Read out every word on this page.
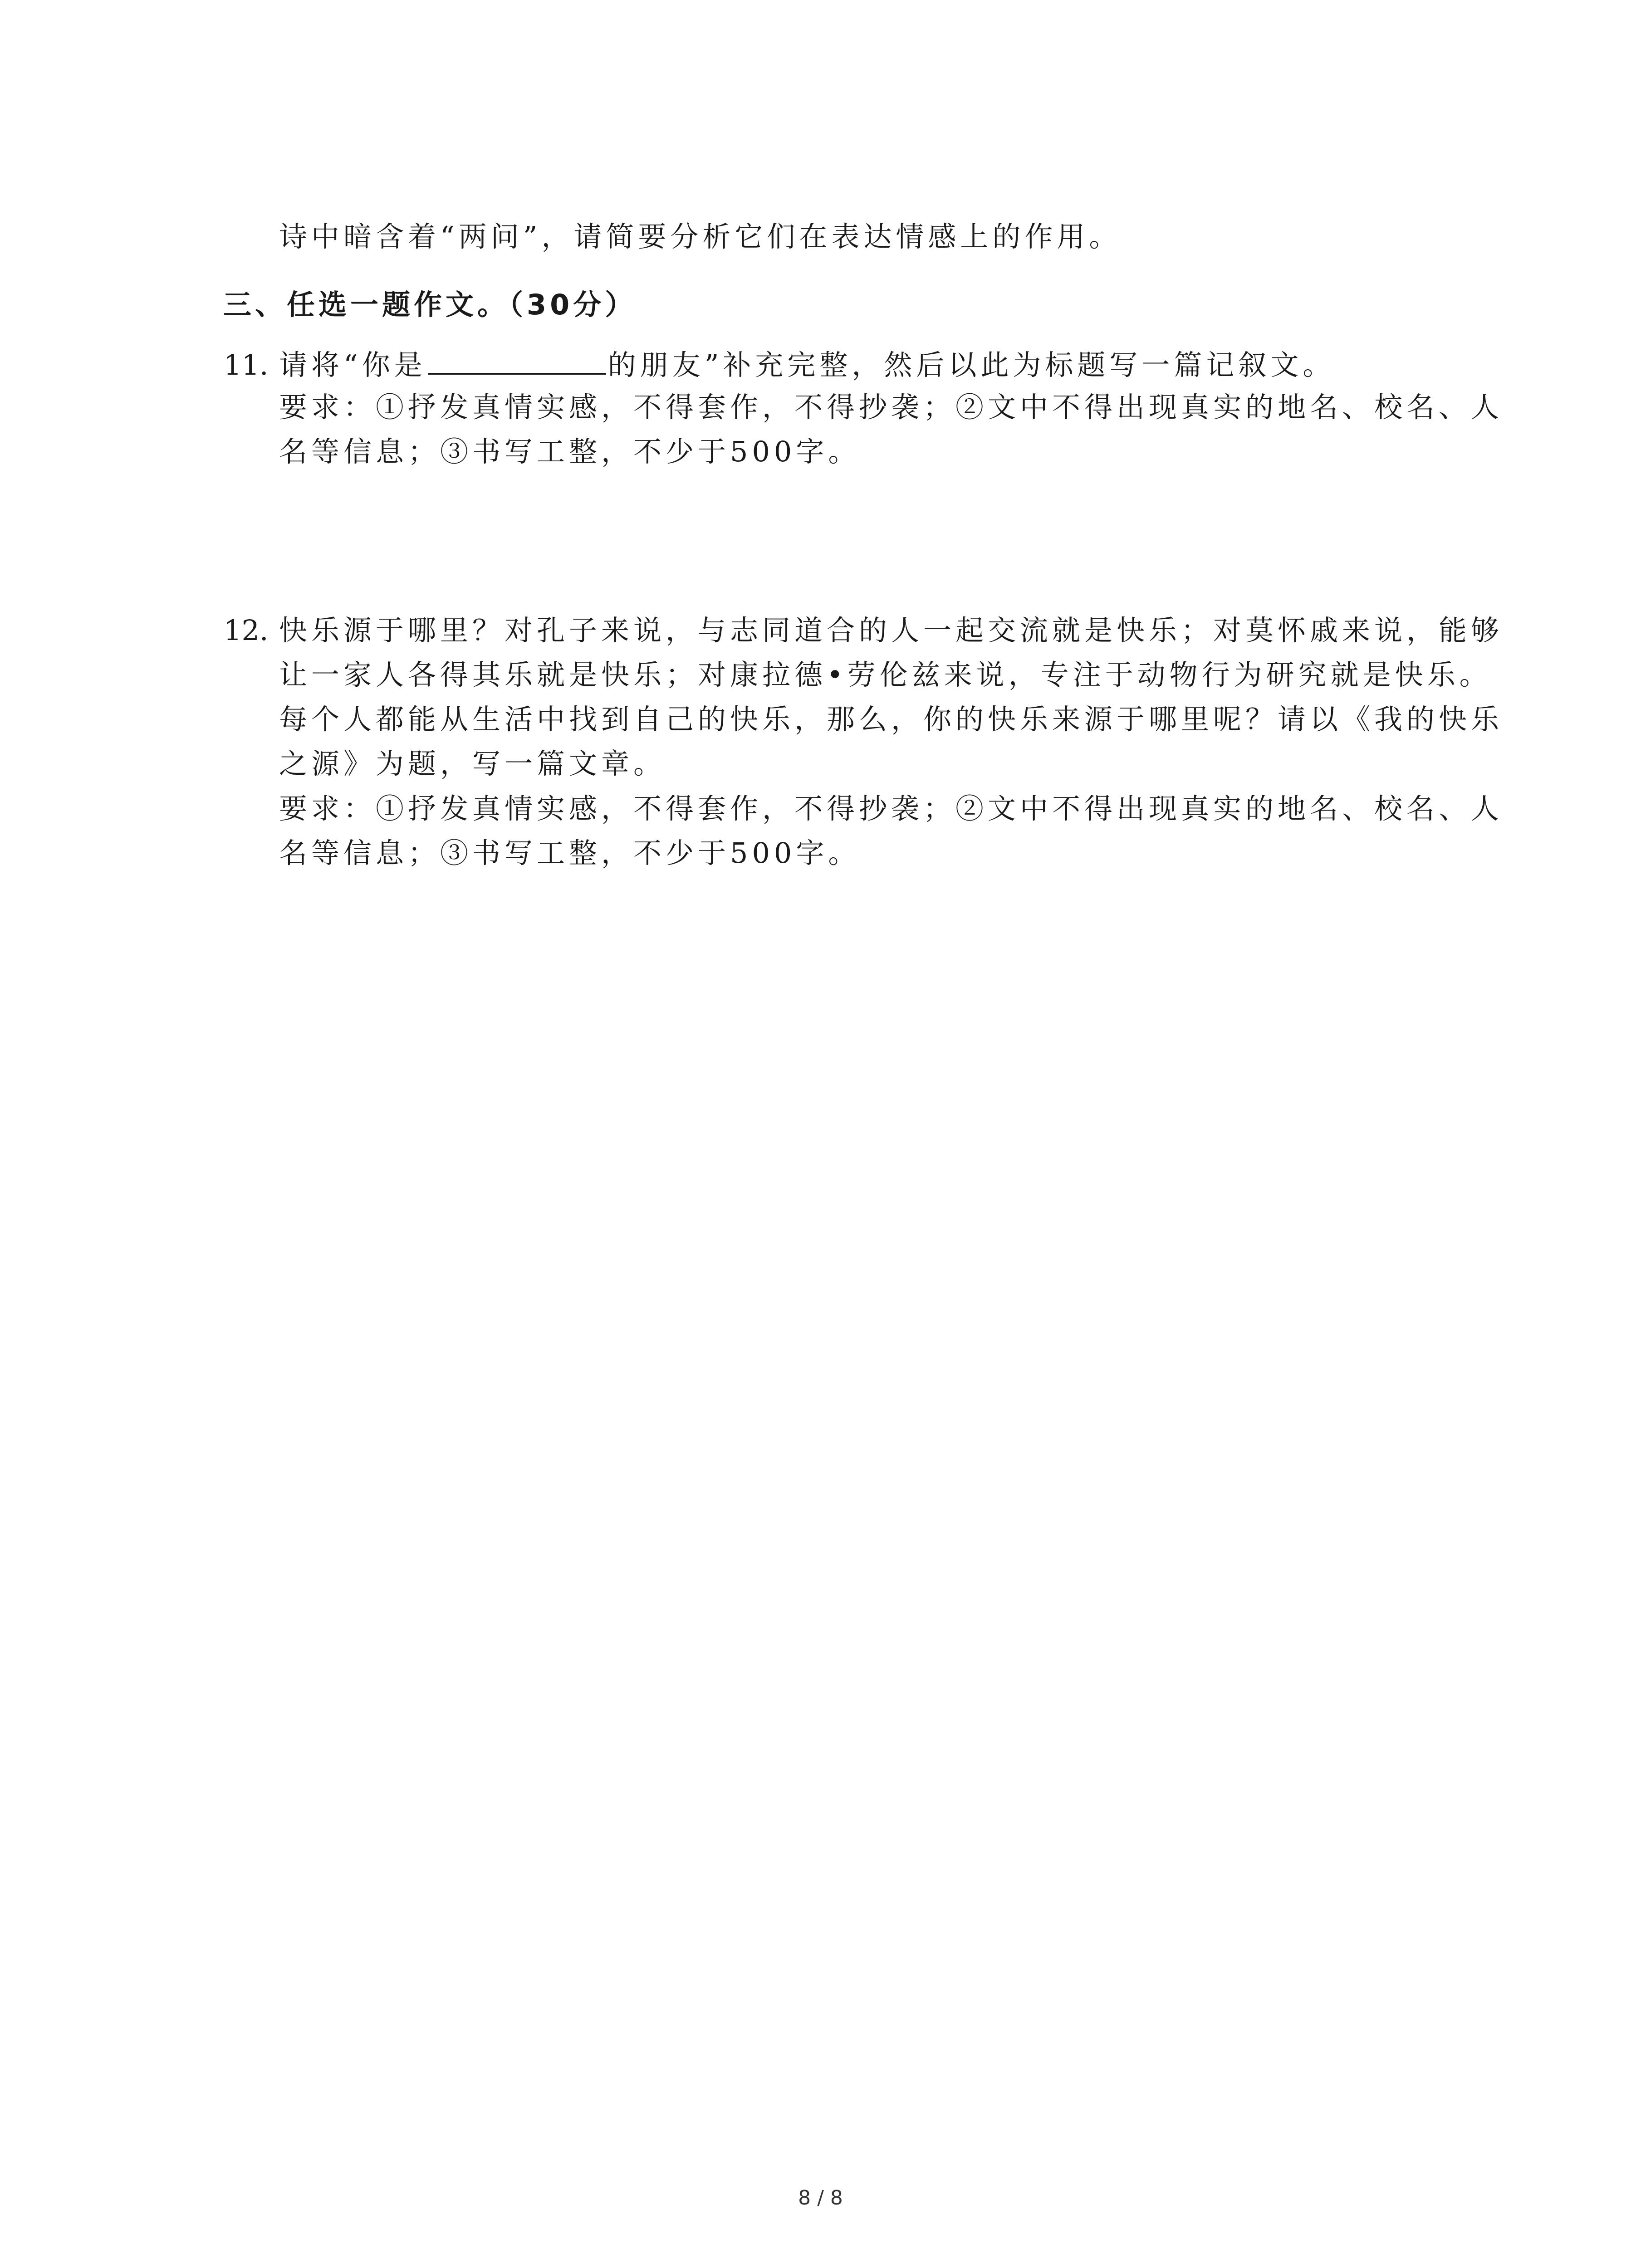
诗中暗含着“两问”，请简要分析它们在表达情感上的作用。
三、任选一题作文。（30分）
11. 请将“你是	的朋友”补充完整，然后以此为标题写一篇记叙文。
要求：①抒发真情实感，不得套作，不得抄袭；②文中不得出现真实的地名、校名、人
名等信息；③书写工整，不少于500字。
12. 快乐源于哪里？对孔子来说，与志同道合的人一起交流就是快乐；对莫怀戚来说，能够
让一家人各得其乐就是快乐；对康拉德•劳伦兹来说，专注于动物行为研究就是快乐。
每个人都能从生活中找到自己的快乐，那么，你的快乐来源于哪里呢？请以《我的快乐
之源》为题，写一篇文章。
要求：①抒发真情实感，不得套作，不得抄袭；②文中不得出现真实的地名、校名、人
名等信息；③书写工整，不少于500字。
8 / 8
